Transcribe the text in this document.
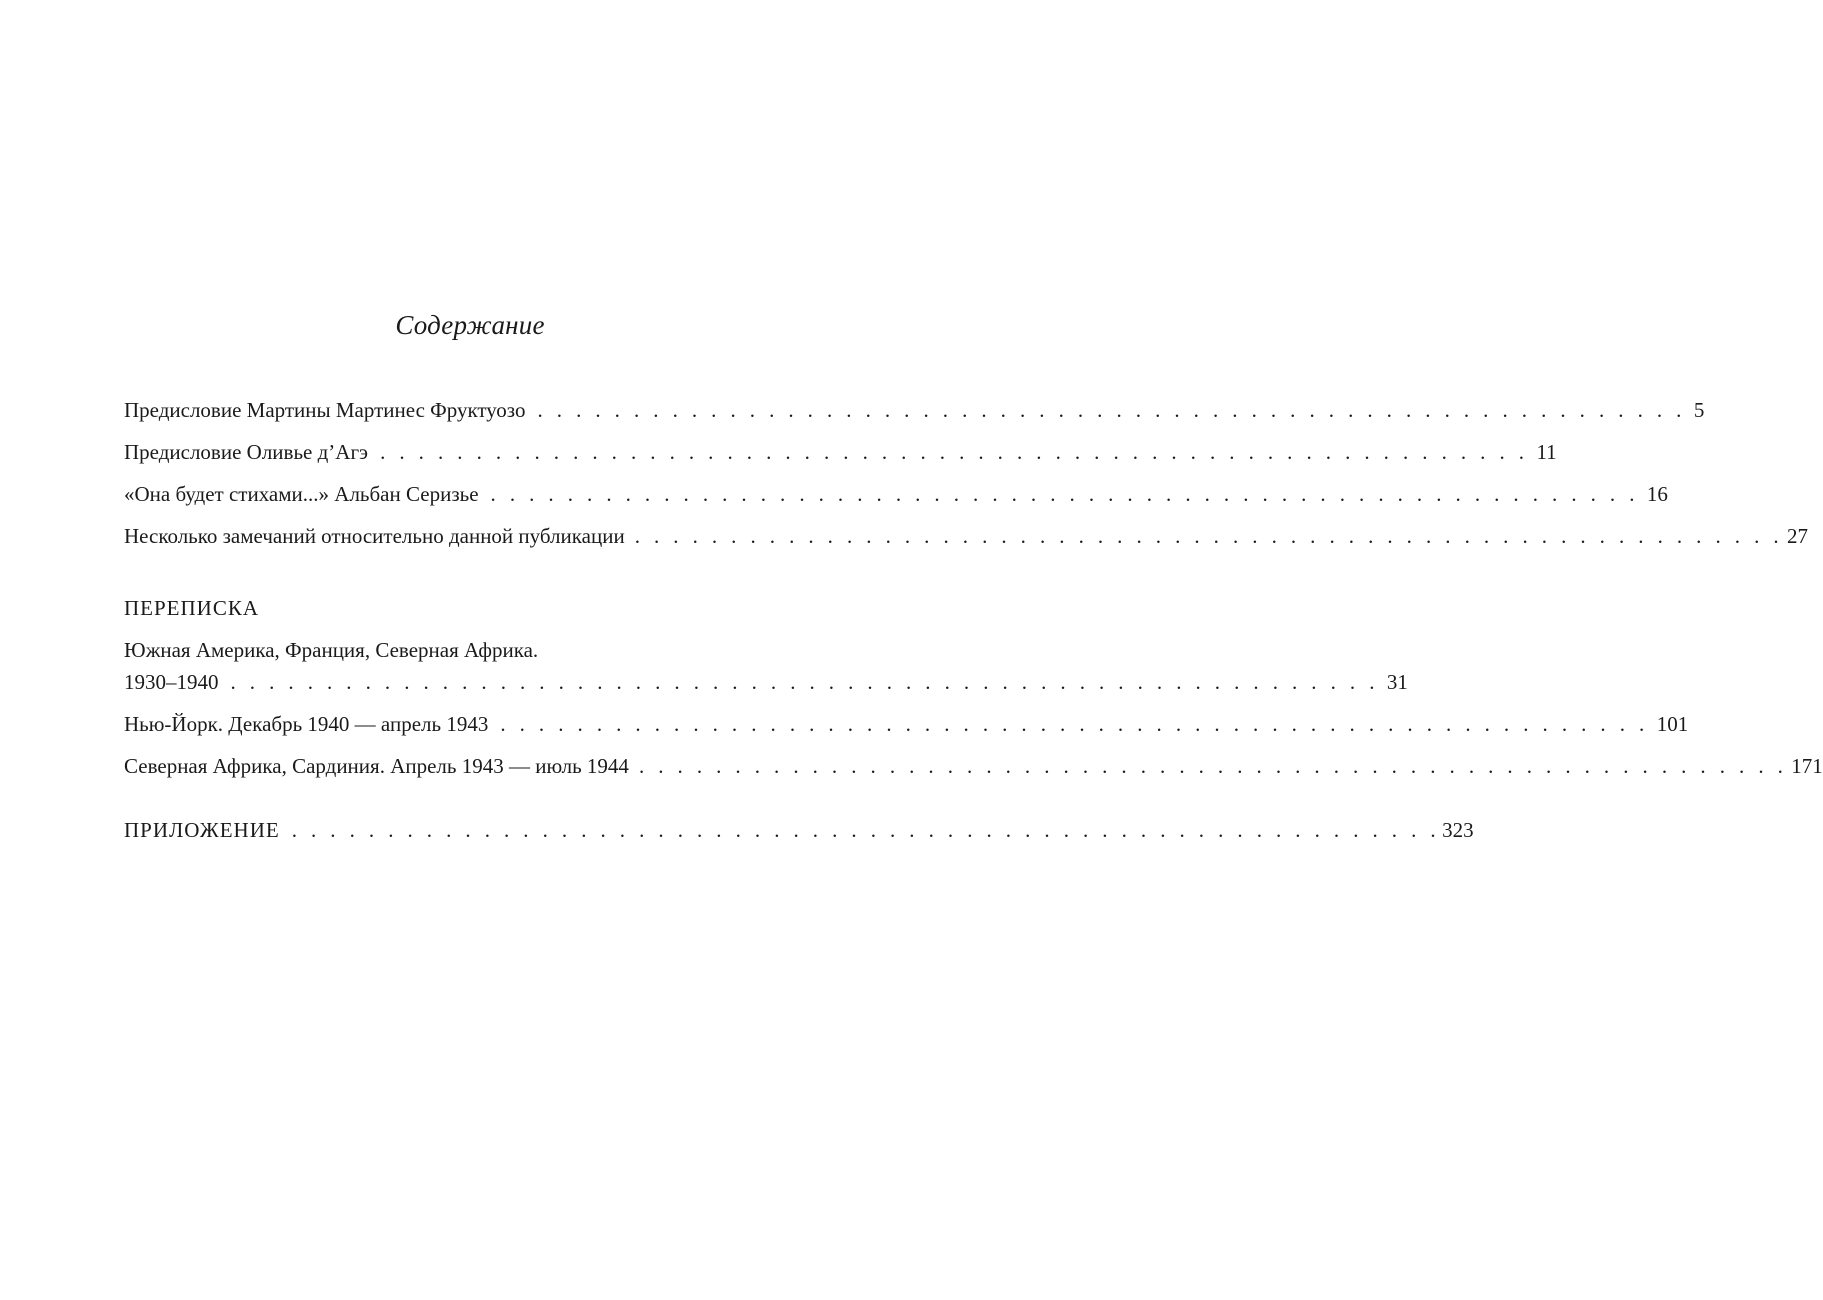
Содержание
Предисловие Мартины Мартинес Фруктуозо . . . . . . . . . . . . . . . . . . . . . . . . . . . . . . . . . . . . . . . . . . . . . . . . . . . . . . . . . . . . 5
Предисловие Оливье д’Агэ . . . . . . . . . . . . . . . . . . . . . . . . . . . . . . . . . . . . . . . . . . . . . . . . . . . . . . . . . . . . 11
«Она будет стихами...» Альбан Серизье . . . . . . . . . . . . . . . . . . . . . . . . . . . . . . . . . . . . . . . . . . . . . . . . . . . . . . . . . . . . 16
Несколько замечаний относительно данной публикации . . . . . . . . . . . . . . . . . . . . . . . . . . . . . . . . . . . . . . . . . . . . . . . . . . . . . . . . . . . . 27
ПЕРЕПИСКА
Южная Америка, Франция, Северная Африка.
1930–1940 . . . . . . . . . . . . . . . . . . . . . . . . . . . . . . . . . . . . . . . . . . . . . . . . . . . . . . . . . . . . 31
Нью-Йорк. Декабрь 1940 — апрель 1943 . . . . . . . . . . . . . . . . . . . . . . . . . . . . . . . . . . . . . . . . . . . . . . . . . . . . . . . . . . . . 101
Северная Африка, Сардиния. Апрель 1943 — июль 1944 . . . . . . . . . . . . . . . . . . . . . . . . . . . . . . . . . . . . . . . . . . . . . . . . . . . . . . . . . . . . 171
ПРИЛОЖЕНИЕ . . . . . . . . . . . . . . . . . . . . . . . . . . . . . . . . . . . . . . . . . . . . . . . . . . . . . . . . . . . . 323
